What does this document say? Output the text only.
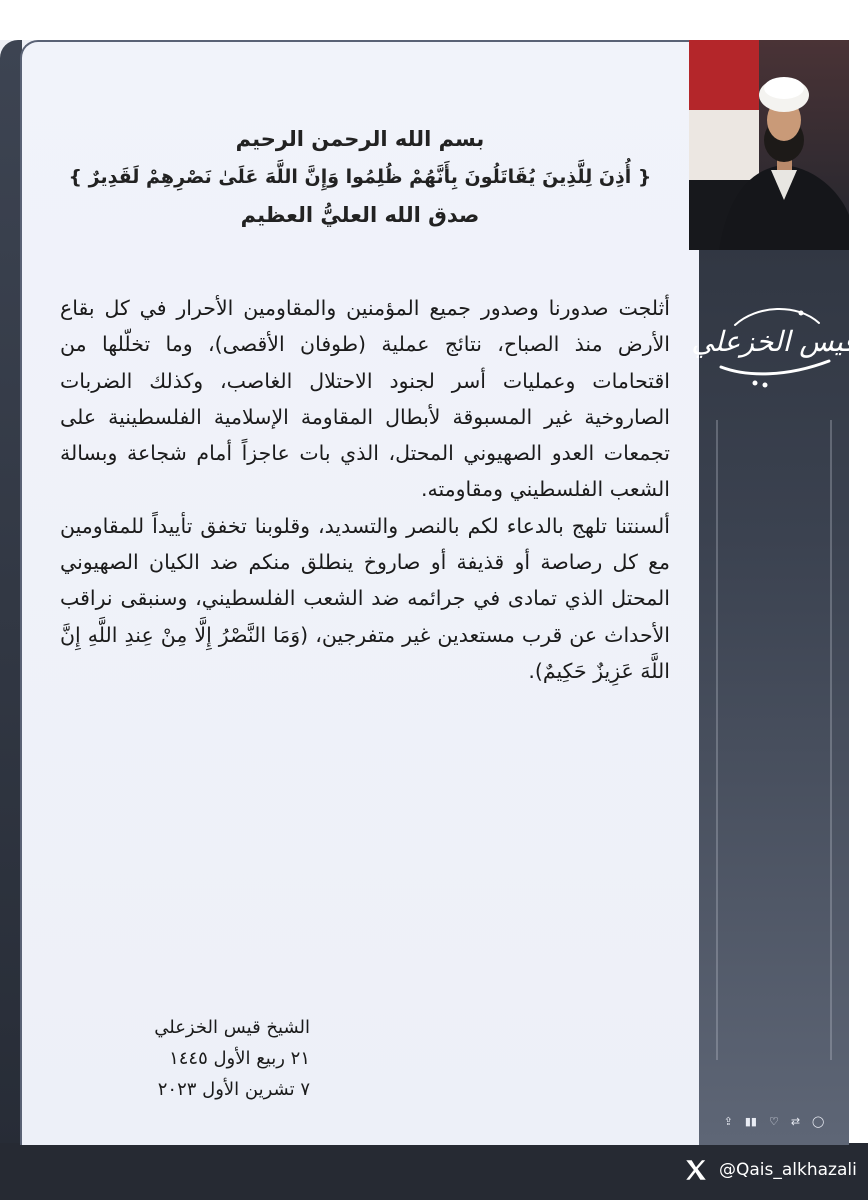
بسم الله الرحمن الرحيم
{ أُذِنَ لِلَّذِينَ يُقَاتَلُونَ بِأَنَّهُمْ ظُلِمُوا وَإِنَّ اللَّهَ عَلَىٰ نَصْرِهِمْ لَقَدِيرٌ }
صدق الله العليُّ العظيم

أثلجت صدورنا وصدور جميع المؤمنين والمقاومين الأحرار في كل بقاع الأرض منذ الصباح، نتائج عملية (طوفان الأقصى)، وما تخلّلها من اقتحامات وعمليات أسر لجنود الاحتلال الغاصب، وكذلك الضربات الصاروخية غير المسبوقة لأبطال المقاومة الإسلامية الفلسطينية على تجمعات العدو الصهيوني المحتل، الذي بات عاجزاً أمام شجاعة وبسالة الشعب الفلسطيني ومقاومته.

ألسنتنا تلهج بالدعاء لكم بالنصر والتسديد، وقلوبنا تخفق تأييداً للمقاومين مع كل رصاصة أو قذيفة أو صاروخ ينطلق منكم ضد الكيان الصهيوني المحتل الذي تمادى في جرائمه ضد الشعب الفلسطيني، وسنبقى نراقب الأحداث عن قرب مستعدين غير متفرجين، (وَمَا النَّصْرُ إِلَّا مِنْ عِندِ اللَّهِ إِنَّ اللَّهَ عَزِيزٌ حَكِيمٌ).

الشيخ قيس الخزعلي
٢١ ربيع الأول ١٤٤٥
٧ تشرين الأول ٢٠٢٣
قيس الخزعلي
⇪ ▮▮ ♡ ⇄ ◯
@Qais_alkhazali
